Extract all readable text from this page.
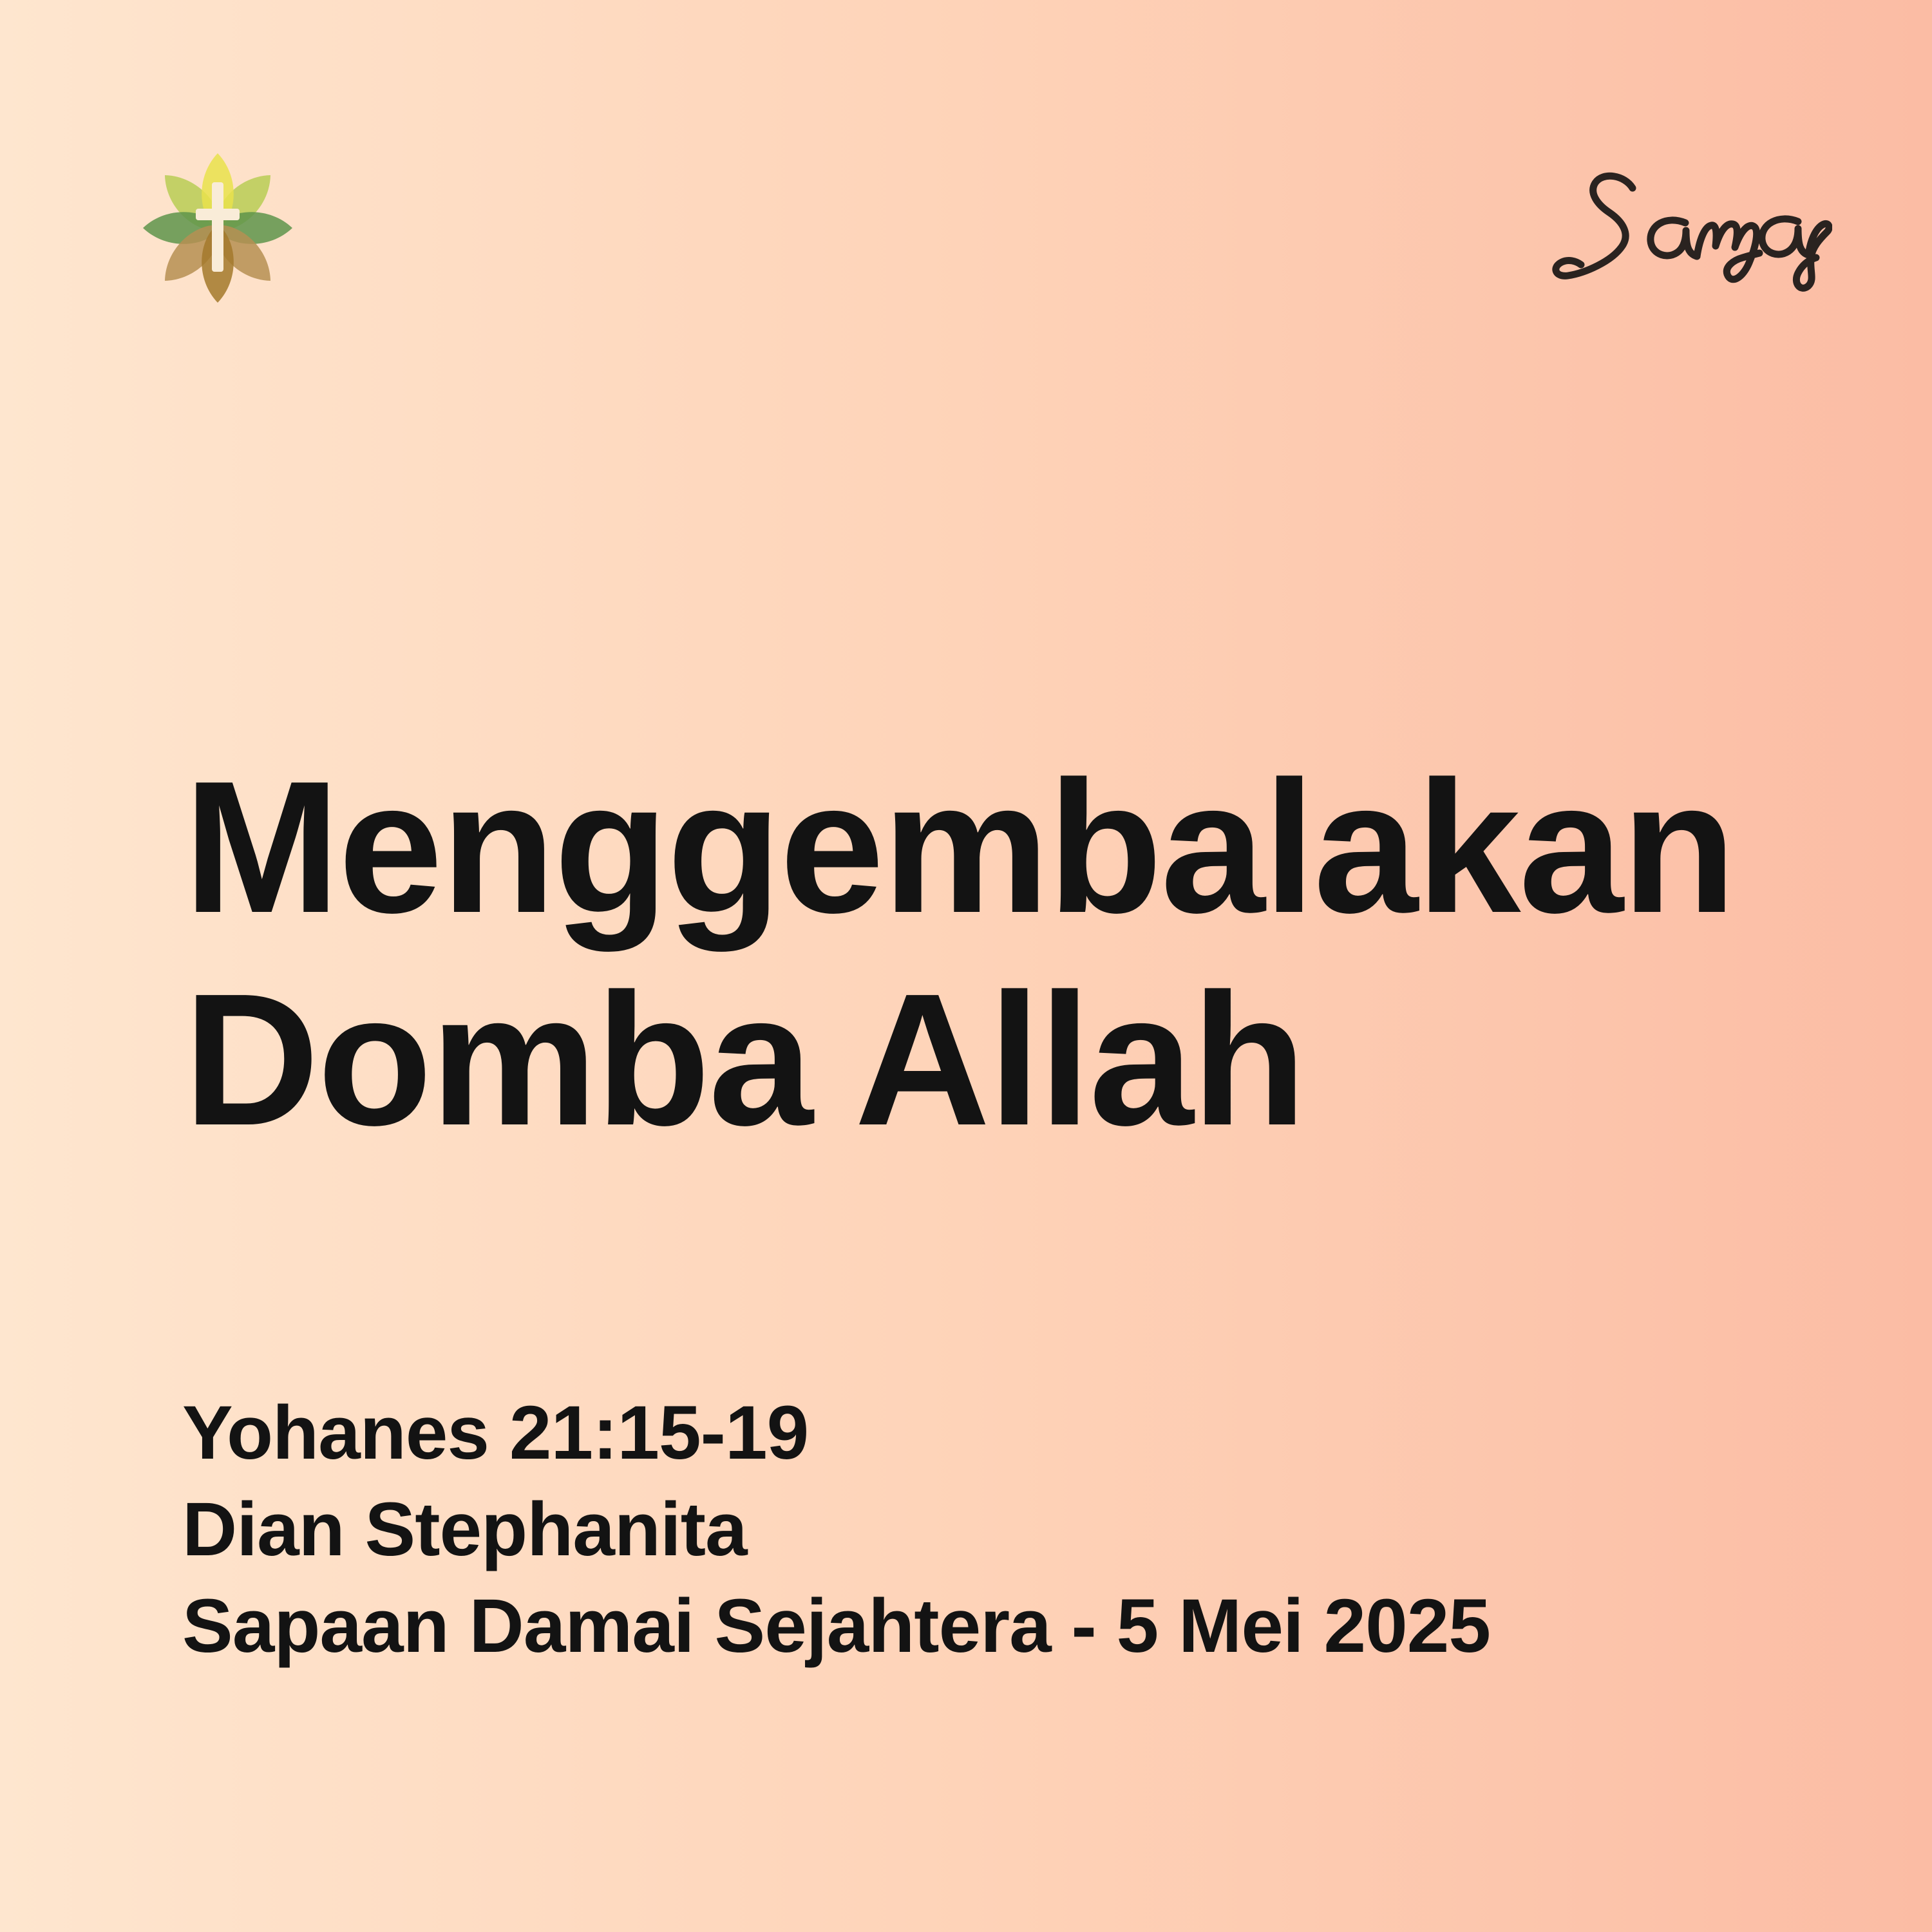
Menggembalakan
Domba Allah
Yohanes 21:15-19
Dian Stephanita
Sapaan Damai Sejahtera - 5 Mei 2025
